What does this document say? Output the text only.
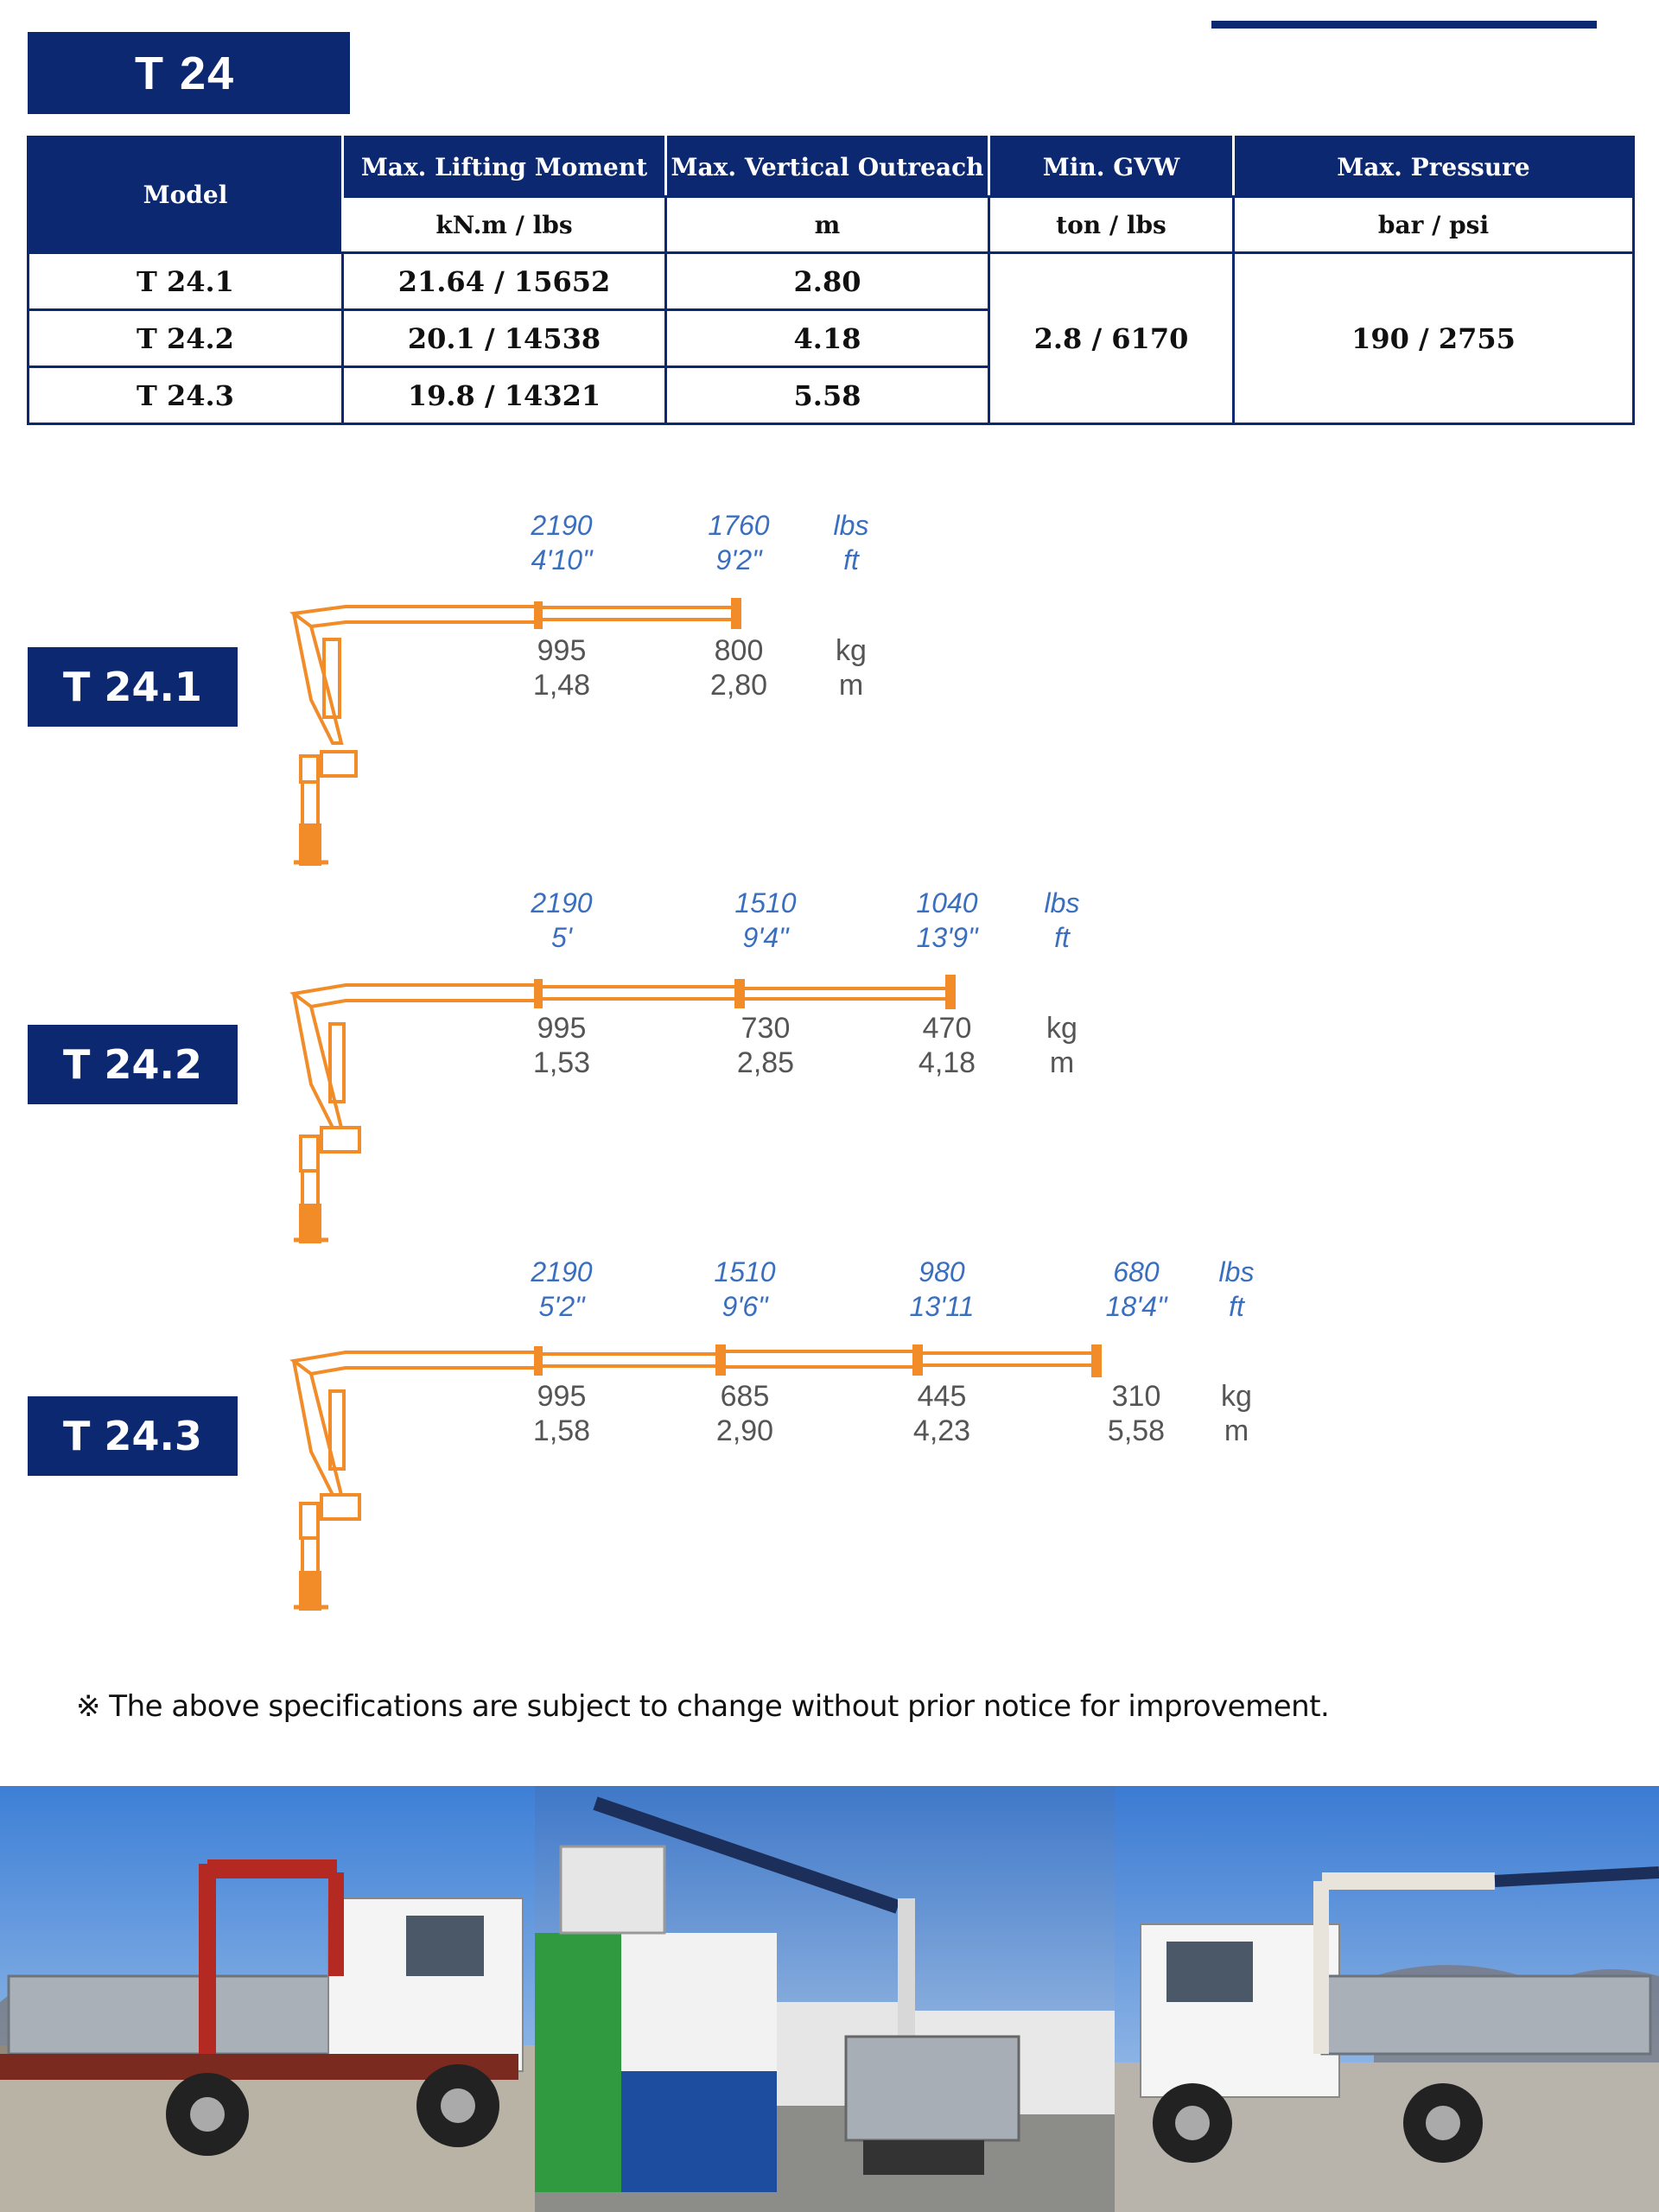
T 24
Model	Max. Lifting Moment	Max. Vertical Outreach	Min. GVW	Max. Pressure
	kN.m / lbs	m	ton / lbs	bar / psi
T 24.1	21.64 / 15652	2.80	2.8 / 6170	190 / 2755
T 24.2	20.1 / 14538	4.18		
T 24.3	19.8 / 14321	5.58		
T 24.1
2190
4'10"
1760
9'2"
lbs
ft
995
1,48
800
2,80
kg
m
T 24.2
2190
5'
1510
9'4"
1040
13'9"
lbs
ft
995
1,53
730
2,85
470
4,18
kg
m
T 24.3
2190
5'2"
1510
9'6"
980
13'11
680
18'4"
lbs
ft
995
1,58
685
2,90
445
4,23
310
5,58
kg
m
※ The above specifications are subject to change without prior notice for improvement.
